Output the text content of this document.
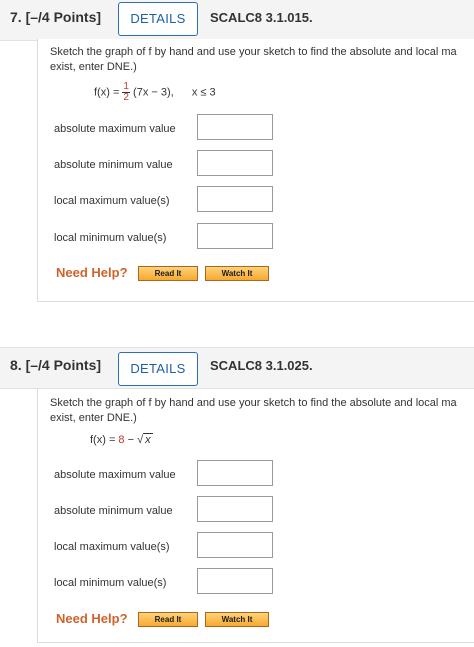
7. [–/4 Points]	DETAILS	SCALC8 3.1.015.
Sketch the graph of f by hand and use your sketch to find the absolute and local ma
exist, enter DNE.)
$f(x) = \frac{1}{2} (7x - 3)$, x ≤ 3
absolute maximum value
absolute minimum value
local maximum value(s)
local minimum value(s)
Need Help?	Read It	Watch It
8. [–/4 Points]	DETAILS	SCALC8 3.1.025.
Sketch the graph of f by hand and use your sketch to find the absolute and local ma
exist, enter DNE.)
f(x) = 8 − √ x
absolute maximum value
absolute minimum value
local maximum value(s)
local minimum value(s)
Need Help?	Read It	Watch It
